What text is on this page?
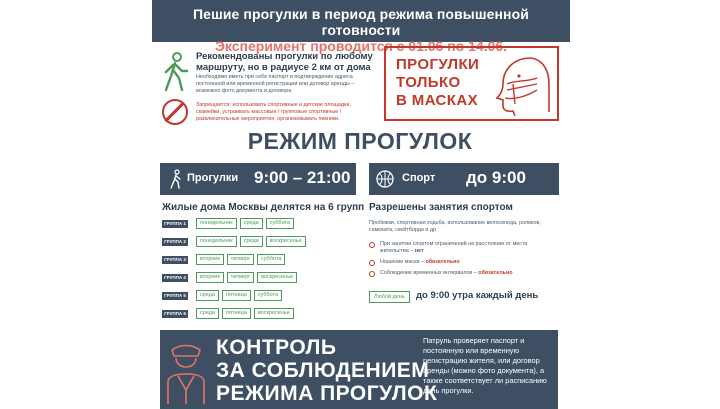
Пешие прогулки в период режима повышенной готовности
Эксперимент проводится с 01.06 по 14.06.
Рекомендованы прогулки по любому маршруту, но в радиусе 2 км от дома
Необходимо иметь при себе паспорт и подтверждение адреса постоянной или временной регистрации или договор аренды – возможно фото документа и договора
Запрещается: использовать спортивные и детские площадки, скамейки, устраивать массовые / групповые спортивные / развлекательные мероприятия, организовывать пикники.
ПРОГУЛКИ
ТОЛЬКО
В МАСКАХ
РЕЖИМ ПРОГУЛОК
Прогулки 9:00 – 21:00	Спорт до 9:00
Жилые дома Москвы делятся на 6 групп
ГРУППА 1	понедельник	среда	суббота
ГРУППА 2	понедельник	среда	воскресенье
ГРУППА 3	вторник	четверг	суббота
ГРУППА 4	вторник	четверг	воскресенье
ГРУППА 5	среда	пятница	суббота
ГРУППА 6	среда	пятница	воскресенье
Разрешены занятия спортом
Пробежки, спортивная ходьба, использование велосипеда, роликов, самоката, скейтборда и др.
При занятии спортом ограничений на расстояние от места жительства – нет
Ношение маски – обязательно
Соблюдение временных интервалов – обязательно
Любой день	до 9:00 утра каждый день
КОНТРОЛЬ
ЗА СОБЛЮДЕНИЕМ
РЕЖИМА ПРОГУЛОК
Патруль проверяет паспорт и постоянную или временную регистрацию жителя, или договор аренды (можно фото документа), а также соответствует ли расписанию день прогулки.
